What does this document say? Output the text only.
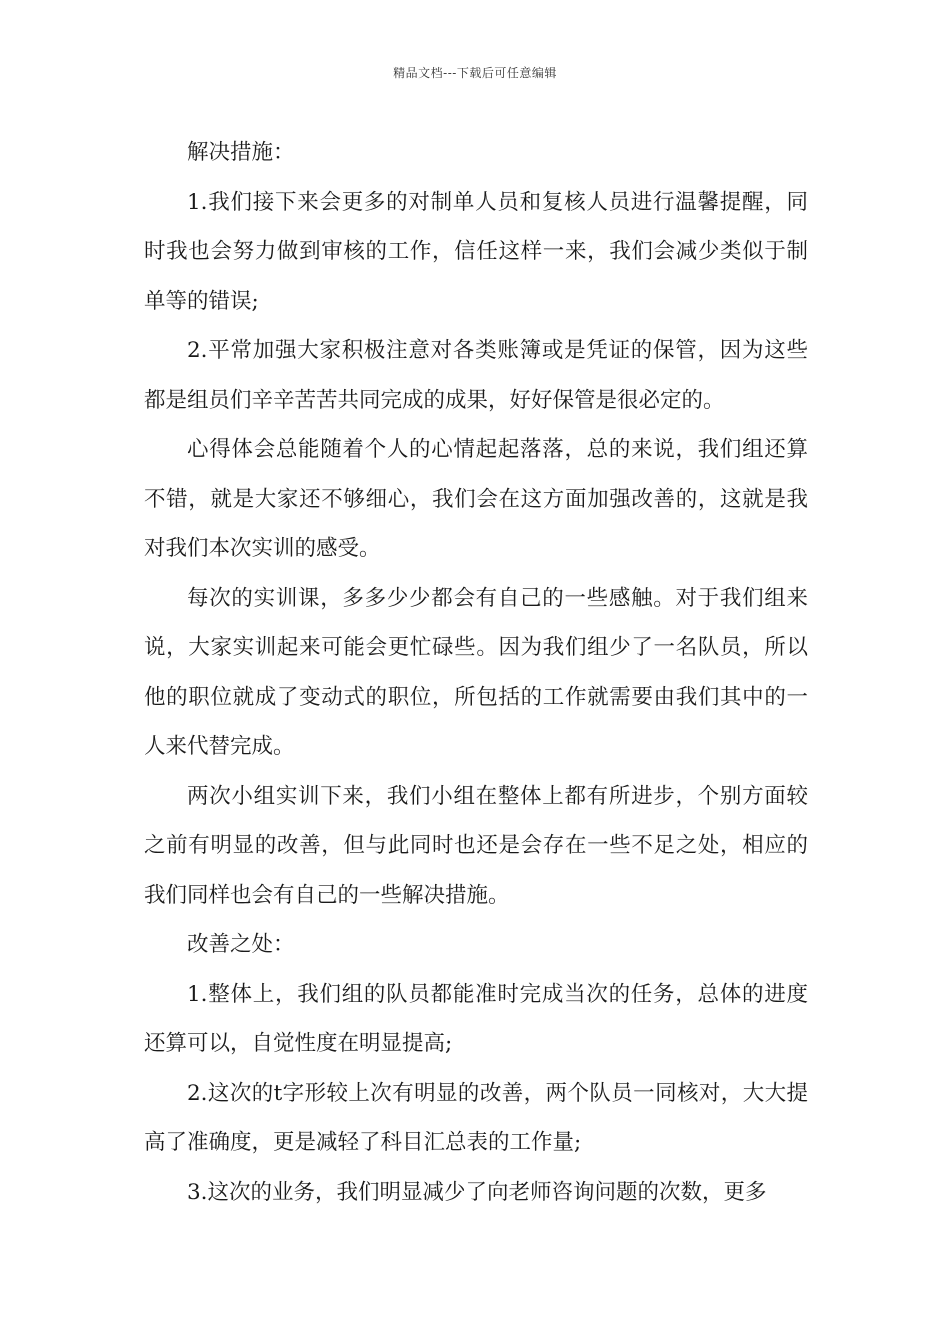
精品文档---下载后可任意编辑

解决措施：

1.我们接下来会更多的对制单人员和复核人员进行温馨提醒，同时我也会努力做到审核的工作，信任这样一来，我们会减少类似于制单等的错误;

2.平常加强大家积极注意对各类账簿或是凭证的保管，因为这些都是组员们辛辛苦苦共同完成的成果，好好保管是很必定的。

心得体会总能随着个人的心情起起落落，总的来说，我们组还算不错，就是大家还不够细心，我们会在这方面加强改善的，这就是我对我们本次实训的感受。

每次的实训课，多多少少都会有自己的一些感触。对于我们组来说，大家实训起来可能会更忙碌些。因为我们组少了一名队员，所以他的职位就成了变动式的职位，所包括的工作就需要由我们其中的一人来代替完成。

两次小组实训下来，我们小组在整体上都有所进步，个别方面较之前有明显的改善，但与此同时也还是会存在一些不足之处，相应的我们同样也会有自己的一些解决措施。

改善之处：

1.整体上，我们组的队员都能准时完成当次的任务，总体的进度还算可以，自觉性度在明显提高;

2.这次的t字形较上次有明显的改善，两个队员一同核对，大大提高了准确度，更是减轻了科目汇总表的工作量;

3.这次的业务，我们明显减少了向老师咨询问题的次数，更多
